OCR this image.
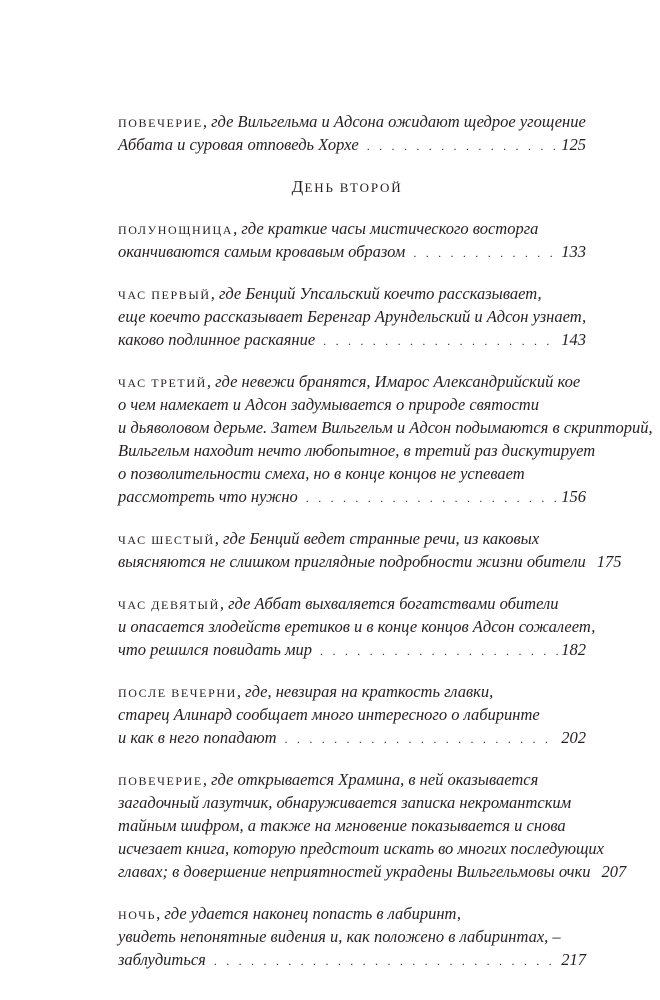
ПОВЕЧЕРИЕ, где Вильгельма и Адсона ожидают щедрое угощение
Аббата и суровая отповедь Хорхе . . .	125
ДЕНЬ ВТОРОЙ
ПОЛУНОЩНИЦА, где краткие часы мистического восторга
оканчиваются самым кровавым образом . . .	133
ЧАС ПЕРВЫЙ, где Бенций Упсальский коечто рассказывает,
еще коечто рассказывает Беренгар Арундельский и Адсон узнает,
каково подлинное раскаяние . . .	143
ЧАС ТРЕТИЙ, где невежи бранятся, Имарос Александрийский кое
о чем намекает и Адсон задумывается о природе святости
и дьяволовом дерьме. Затем Вильгельм и Адсон подымаются в скрипторий,
Вильгельм находит нечто любопытное, в третий раз дискутирует
о позволительности смеха, но в конце концов не успевает
рассмотреть что нужно . . .	156
ЧАС ШЕСТЫЙ, где Бенций ведет странные речи, из каковых
выясняются не слишком приглядные подробности жизни обители 175
ЧАС ДЕВЯТЫЙ, где Аббат выхваляется богатствами обители
и опасается злодейств еретиков и в конце концов Адсон сожалеет,
что решился повидать мир . . .	182
ПОСЛЕ ВЕЧЕРНИ, где, невзирая на краткость главки,
старец Алинард сообщает много интересного о лабиринте
и как в него попадают . . .	202
ПОВЕЧЕРИЕ, где открывается Храмина, в ней оказывается
загадочный лазутчик, обнаруживается записка некромантским
тайным шифром, а также на мгновение показывается и снова
исчезает книга, которую предстоит искать во многих последующих
главах; в довершение неприятностей украдены Вильгельмовы очки 207
НОЧЬ, где удается наконец попасть в лабиринт,
увидеть непонятные видения и, как положено в лабиринтах, –
заблудиться . . .	217
